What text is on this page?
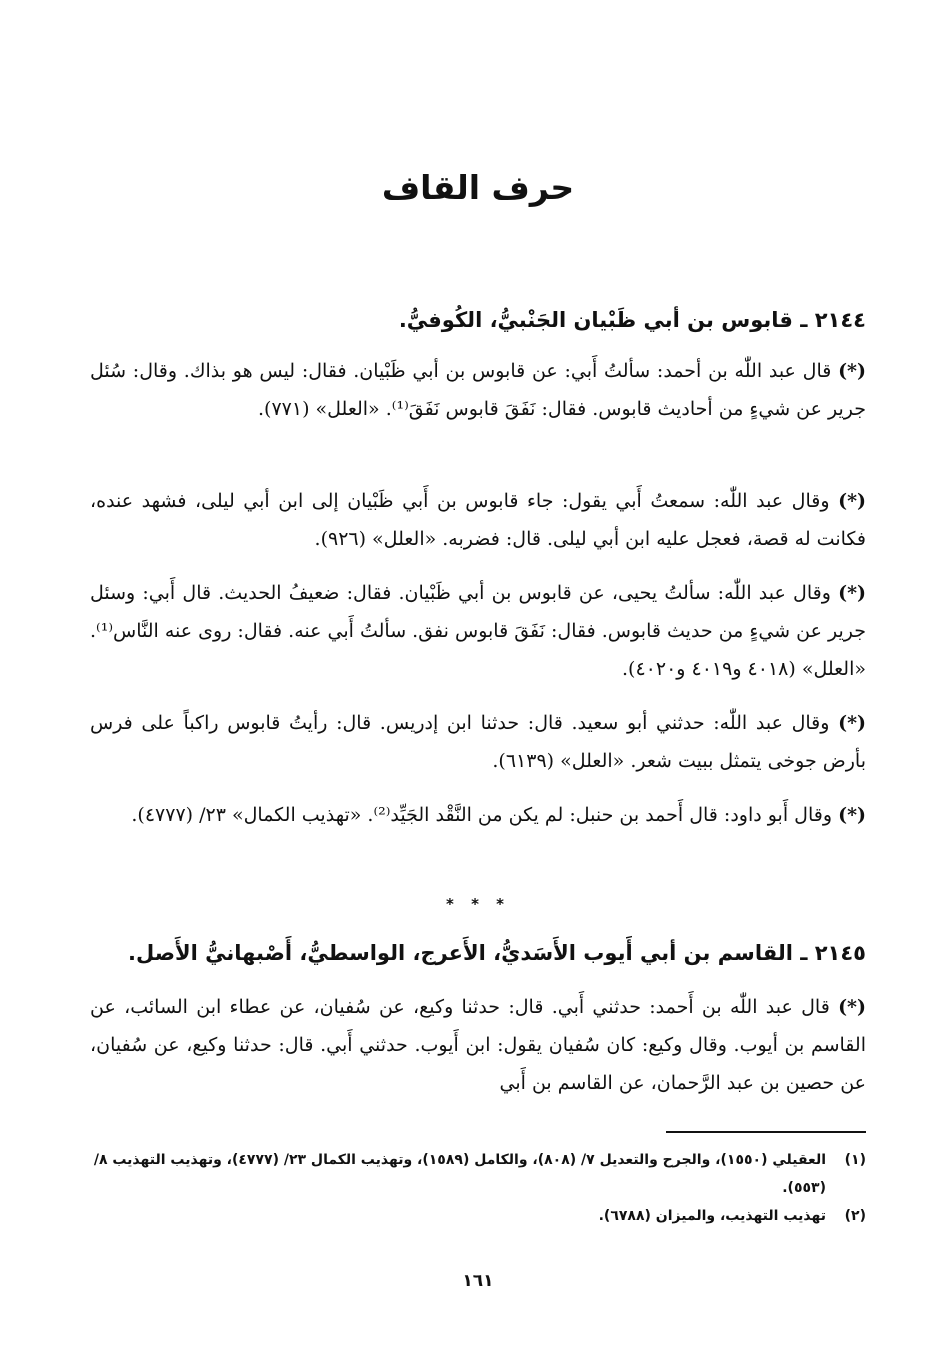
حرف القاف
٢١٤٤ ـ قابوس بن أبي ظَبْيان الجَنْبيُّ، الكُوفيُّ.

(*) قال عبد اللّٰه بن أحمد: سألتُ أَبي: عن قابوس بن أبي ظَبْيان. فقال: ليس هو بذاك. وقال: سُئل جرير عن شيءٍ من أحاديث قابوس. فقال: نَفَقَ قابوس نَفَقَ⁽¹⁾. «العلل» (٧٧١).

(*) وقال عبد اللّٰه: سمعتُ أَبي يقول: جاء قابوس بن أَبي ظَبْيان إلى ابن أبي ليلى، فشهد عنده، فكانت له قصة، فعجل عليه ابن أبي ليلى. قال: فضربه. «العلل» (٩٢٦).

(*) وقال عبد اللّٰه: سألتُ يحيى، عن قابوس بن أبي ظَبْيان. فقال: ضعيفُ الحديث. قال أَبي: وسئل جرير عن شيءٍ من حديث قابوس. فقال: نَفَقَ قابوس نفق. سألتُ أَبي عنه. فقال: روى عنه النَّاس⁽¹⁾. «العلل» (٤٠١٨ و٤٠١٩ و٤٠٢٠).

(*) وقال عبد اللّٰه: حدثني أبو سعيد. قال: حدثنا ابن إدريس. قال: رأيتُ قابوس راكباً على فرس بأرض جوخى يتمثل ببيت شعر. «العلل» (٦١٣٩).

(*) وقال أَبو داود: قال أَحمد بن حنبل: لم يكن من النَّقْد الجَيِّد⁽²⁾. «تهذيب الكمال» ٢٣/ (٤٧٧٧).

* * *
٢١٤٥ ـ القاسم بن أبي أَيوب الأَسَديُّ، الأَعرج، الواسطيُّ، أَصْبهانيُّ الأَصل.

(*) قال عبد اللّٰه بن أَحمد: حدثني أَبي. قال: حدثنا وكيع، عن سُفيان، عن عطاء ابن السائب، عن القاسم بن أيوب. وقال وكيع: كان سُفيان يقول: ابن أَيوب. حدثني أَبي. قال: حدثنا وكيع، عن سُفيان، عن حصين بن عبد الرَّحمان، عن القاسم بن أَبي

(١)
العقيلي (١٥٥٠)، والجرح والتعديل ٧/ (٨٠٨)، والكامل (١٥٨٩)، وتهذيب الكمال ٢٣/ (٤٧٧٧)، وتهذيب التهذيب ٨/ (٥٥٣).
(٢)
تهذيب التهذيب، والميزان (٦٧٨٨).
١٦١
